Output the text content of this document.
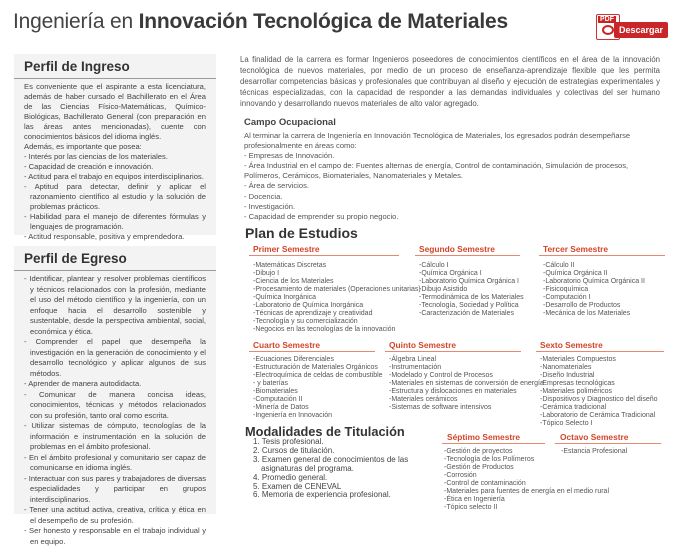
Ingeniería en Innovación Tecnológica de Materiales	PDF
Descargar
Perfil de Ingreso
Es conveniente que el aspirante a esta licenciatura, además de haber cursado el Bachillerato en el Área de las Ciencias Físico-Matemáticas, Químico-Biológicas, Bachillerato General (con preparación en las áreas antes mencionadas), cuente con conocimientos básicos del idioma inglés.
Además, es importante que posea:
- Interés por las ciencias de los materiales.
- Capacidad de creación e innovación.
- Actitud para el trabajo en equipos interdisciplinarios.
- Aptitud para detectar, definir y aplicar el razonamiento científico al estudio y la solución de problemas prácticos.
- Habilidad para el manejo de diferentes fórmulas y lenguajes de programación.
- Actitud responsable, positiva y emprendedora.
Perfil de Egreso
- Identificar, plantear y resolver problemas científicos y técnicos relacionados con la profesión, mediante el uso del método científico y la ingeniería, con un enfoque hacia el desarrollo sostenible y sustentable, desde la perspectiva ambiental, social, económica y ética.
- Comprender el papel que desempeña la investigación en la generación de conocimiento y el desarrollo tecnológico y aplicar algunos de sus métodos.
- Aprender de manera autodidacta.
- Comunicar de manera concisa ideas, conocimientos, técnicas y métodos relacionados con su profesión, tanto oral como escrita.
- Utilizar sistemas de cómputo, tecnologías de la información e instrumentación en la solución de problemas en el ámbito profesional.
- En el ámbito profesional y comunitario ser capaz de comunicarse en idioma inglés.
- Interactuar con sus pares y trabajadores de diversas especialidades y participar en grupos interdisciplinarios.
- Tener una actitud activa, creativa, crítica y ética en el desempeño de su profesión.
- Ser honesto y responsable en el trabajo individual y en equipo.
La finalidad de la carrera es formar Ingenieros poseedores de conocimientos científicos en el área de la innovación tecnológica de nuevos materiales, por medio de un proceso de enseñanza-aprendizaje flexible que les permita desarrollar competencias básicas y profesionales que contribuyan al diseño y ejecución de estrategias experimentales y técnicas especializadas, con la capacidad de responder a las demandas individuales y colectivas del ser humano innovando y desarrollando nuevos materiales de alto valor agregado.
Campo Ocupacional

Al terminar la carrera de Ingeniería en Innovación Tecnológica de Materiales, los egresados podrán desempeñarse profesionalmente en áreas como:

- Empresas de Innovación.
- Área Industrial en el campo de: Fuentes alternas de energía, Control de contaminación, Simulación de procesos,
Polímeros, Cerámicos, Biomateriales, Nanomateriales y Metales.
- Área de servicios.
- Docencia.
- Investigación.
- Capacidad de emprender su propio negocio.
Plan de Estudios
Primer Semestre
- Matemáticas Discretas
- Dibujo I
- Ciencia de los Materiales
- Procesamiento de materiales (Operaciones unitarias)
- Química Inorgánica
- Laboratorio de Química Inorgánica
- Técnicas de aprendizaje y creatividad
- Tecnología y su comercialización
- Negocios en las tecnologías de la innovación
Segundo Semestre
- Cálculo I
- Química Orgánica I
- Laboratorio Química Orgánica I
- Dibujo Asistido
- Termodinámica de los Materiales
- Tecnología, Sociedad y Política
- Caracterización de Materiales
Tercer Semestre
- Cálculo II
- Química Orgánica II
- Laboratorio Química Orgánica II
- Fisicoquímica
- Computación I
- Desarrollo de Productos
- Mecánica de los Materiales
Cuarto Semestre
- Ecuaciones Diferenciales
- Estructuración de Materiales Orgánicos
- Electroquímica de celdas de combustible
- y baterías
- Biomateriales
- Computación II
- Minería de Datos
- Ingeniería en Innovación
Quinto Semestre
- Álgebra Lineal
- Instrumentación
- Modelado y Control de Procesos
- Materiales en sistemas de conversión de energía
- Estructura y dislocaciones en materiales
- Materiales cerámicos
- Sistemas de software intensivos
Sexto Semestre
- Materiales Compuestos
- Nanomateriales
- Diseño Industrial
- Empresas tecnológicas
- Materiales poliméricos
- Dispositivos y Diagnostico del diseño
- Cerámica tradicional
- Laboratorio de Cerámica Tradicional
- Tópico Selecto I
Modalidades de Titulación
1. Tesis profesional.
2. Cursos de titulación.
3. Examen general de conocimientos de las asignaturas del programa.
4. Promedio general.
5. Examen de CENEVAL
6. Memoria de experiencia profesional.
Séptimo Semestre
- Gestión de proyectos
- Tecnología de los Polímeros
- Gestión de Productos
- Corrosión
- Control de contaminación
- Materiales para fuentes de energía en el medio rural
- Ética en Ingeniería
- Tópico selecto II
Octavo Semestre
- Estancia Profesional
